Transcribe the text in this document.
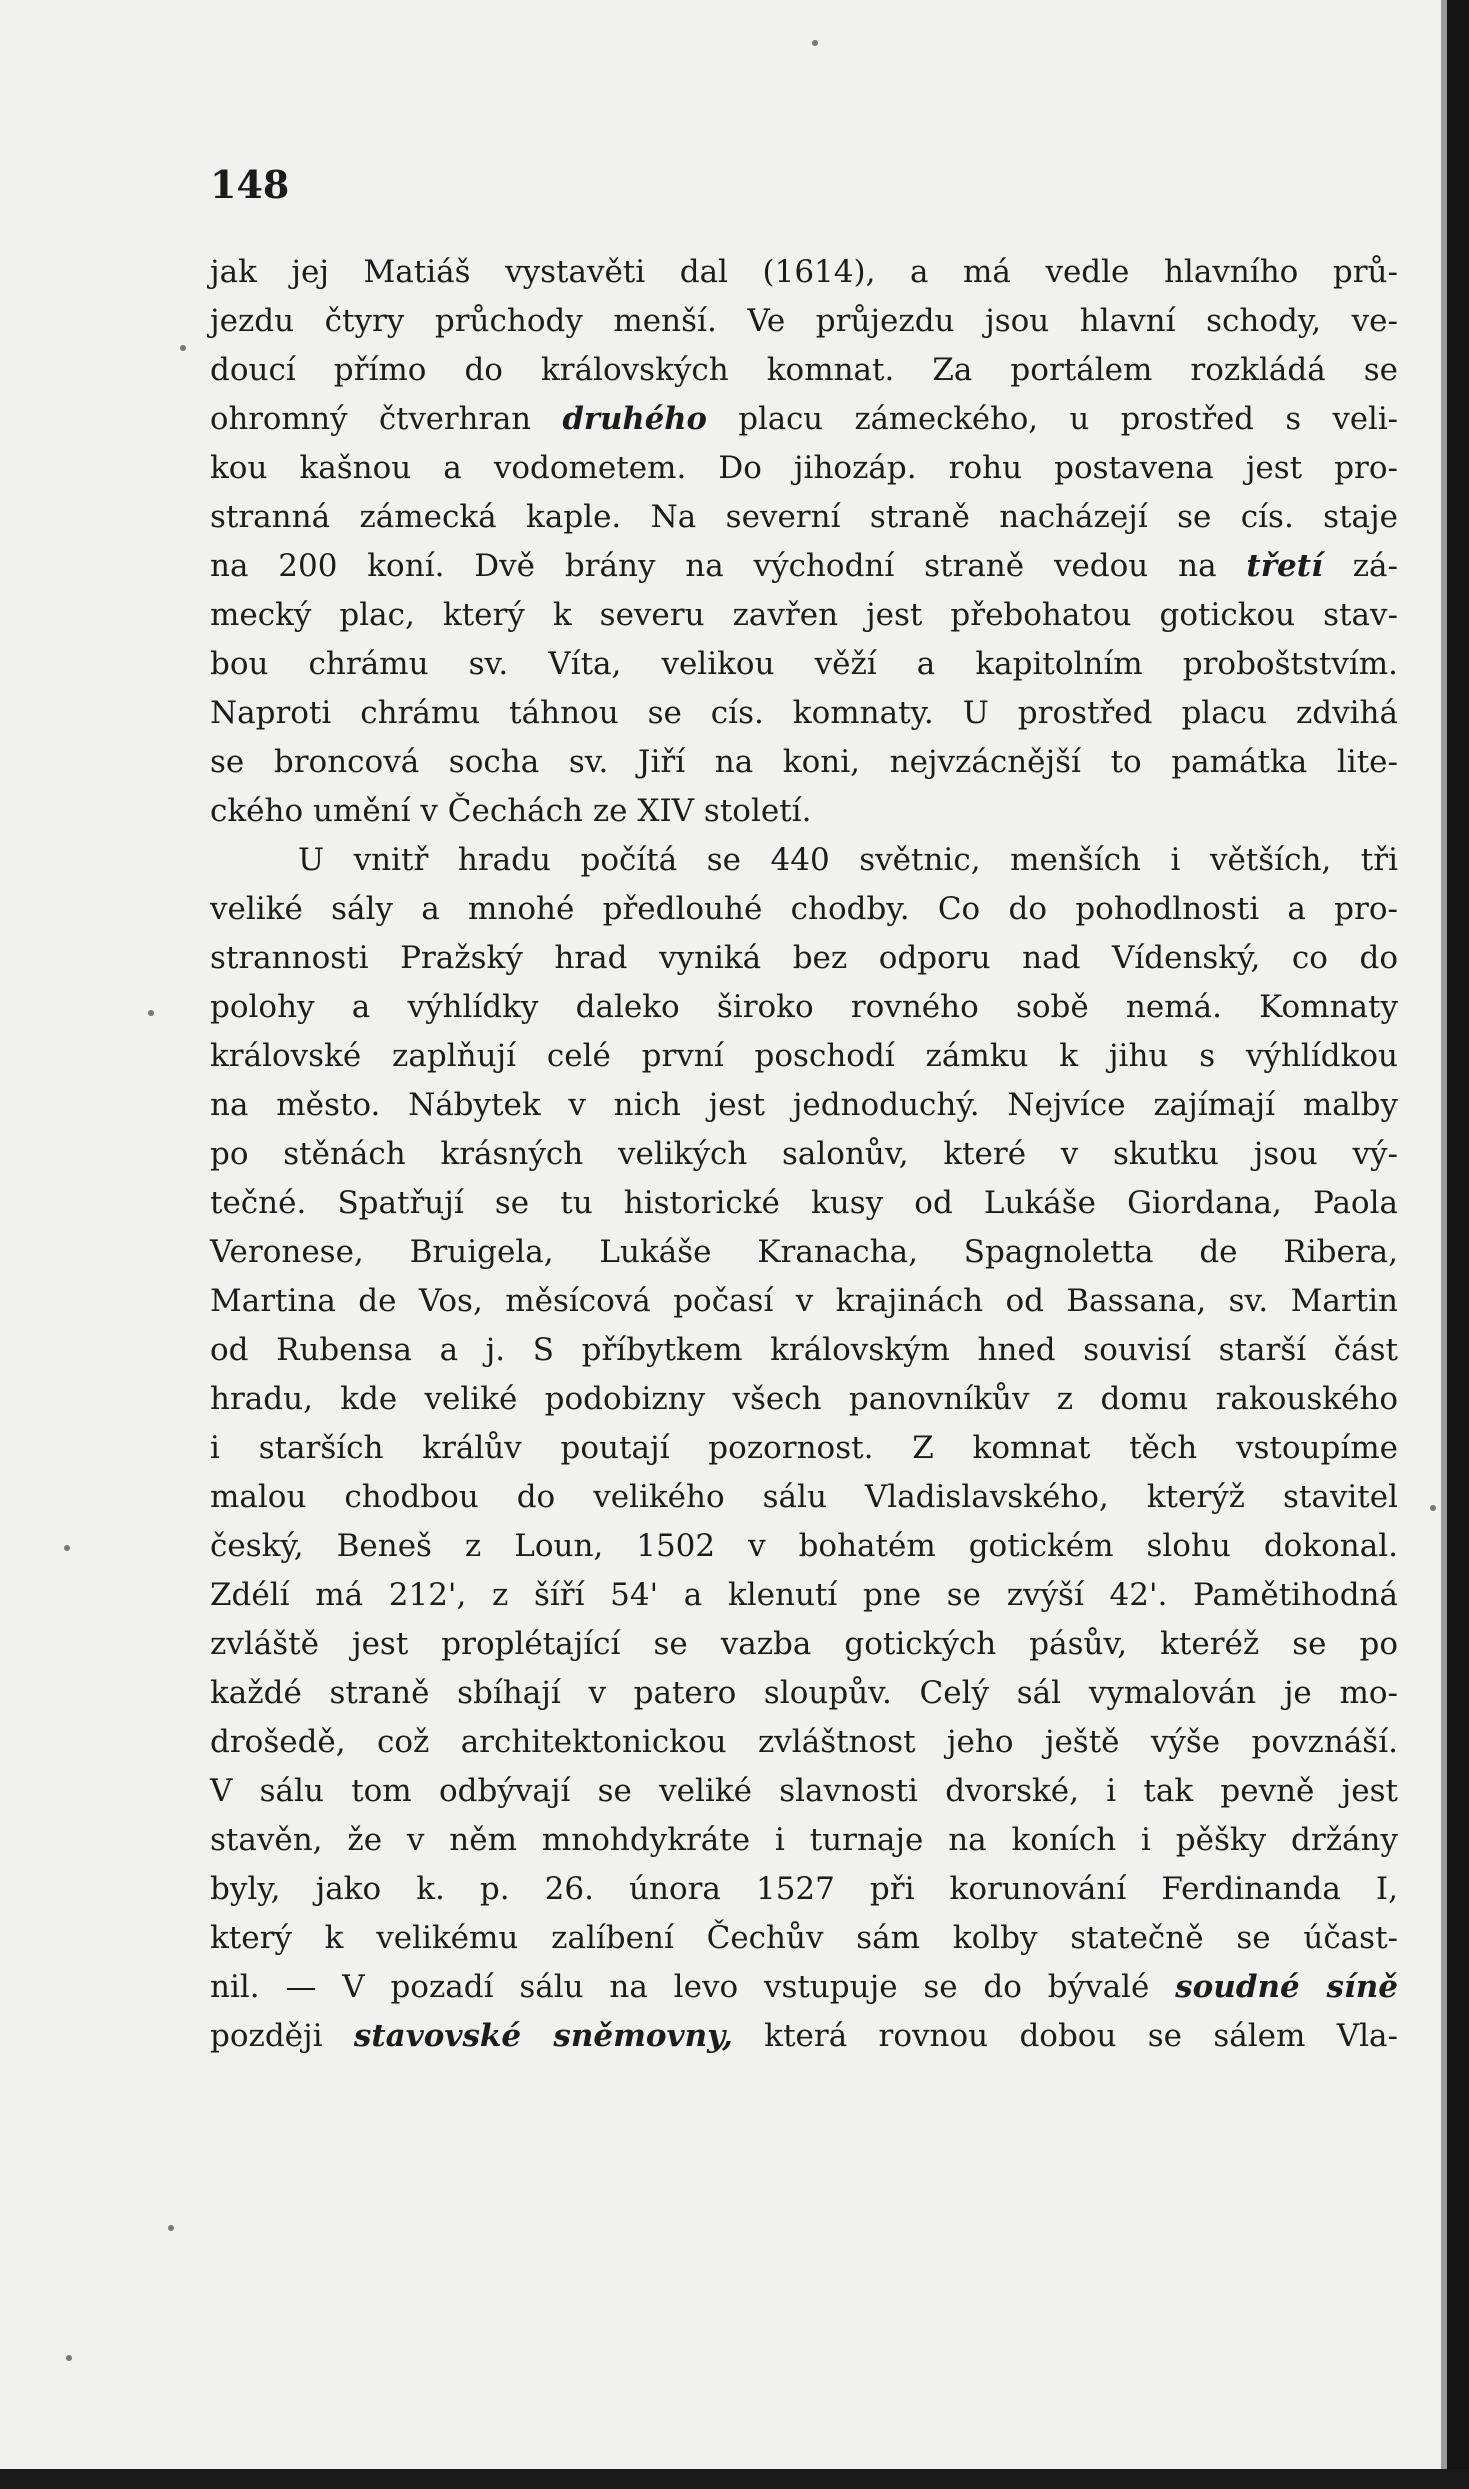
148

jak jej Matiáš vystavěti dal (1614), a má vedle hlavního prů-
jezdu čtyry průchody menší. Ve průjezdu jsou hlavní schody, ve-
doucí přímo do královských komnat. Za portálem rozkládá se
ohromný čtverhran druhého placu zámeckého, u prostřed s veli-
kou kašnou a vodometem. Do jihozáp. rohu postavena jest pro-
stranná zámecká kaple. Na severní straně nacházejí se cís. staje
na 200 koní. Dvě brány na východní straně vedou na třetí zá-
mecký plac, který k severu zavřen jest přebohatou gotickou stav-
bou chrámu sv. Víta, velikou věží a kapitolním proboštstvím.
Naproti chrámu táhnou se cís. komnaty. U prostřed placu zdvihá
se broncová socha sv. Jiří na koni, nejvzácnější to památka lite-
ckého umění v Čechách ze XIV století.
U vnitř hradu počítá se 440 světnic, menších i větších, tři
veliké sály a mnohé předlouhé chodby. Co do pohodlnosti a pro-
strannosti Pražský hrad vyniká bez odporu nad Vídenský, co do
polohy a výhlídky daleko široko rovného sobě nemá. Komnaty
královské zaplňují celé první poschodí zámku k jihu s výhlídkou
na město. Nábytek v nich jest jednoduchý. Nejvíce zajímají malby
po stěnách krásných velikých salonův, které v skutku jsou vý-
tečné. Spatřují se tu historické kusy od Lukáše Giordana, Paola
Veronese, Bruigela, Lukáše Kranacha, Spagnoletta de Ribera,
Martina de Vos, měsícová počasí v krajinách od Bassana, sv. Martin
od Rubensa a j. S příbytkem královským hned souvisí starší část
hradu, kde veliké podobizny všech panovníkův z domu rakouského
i starších králův poutají pozornost. Z komnat těch vstoupíme
malou chodbou do velikého sálu Vladislavského, kterýž stavitel
český, Beneš z Loun, 1502 v bohatém gotickém slohu dokonal.
Zdélí má 212', z šíří 54' a klenutí pne se zvýší 42'. Pamětihodná
zvláště jest proplétající se vazba gotických pásův, kteréž se po
každé straně sbíhají v patero sloupův. Celý sál vymalován je mo-
drošedě, což architektonickou zvláštnost jeho ještě výše povznáší.
V sálu tom odbývají se veliké slavnosti dvorské, i tak pevně jest
stavěn, že v něm mnohdykráte i turnaje na koních i pěšky držány
byly, jako k. p. 26. února 1527 při korunování Ferdinanda I,
který k velikému zalíbení Čechův sám kolby statečně se účast-
nil. — V pozadí sálu na levo vstupuje se do bývalé soudné síně
později stavovské sněmovny, která rovnou dobou se sálem Vla-
